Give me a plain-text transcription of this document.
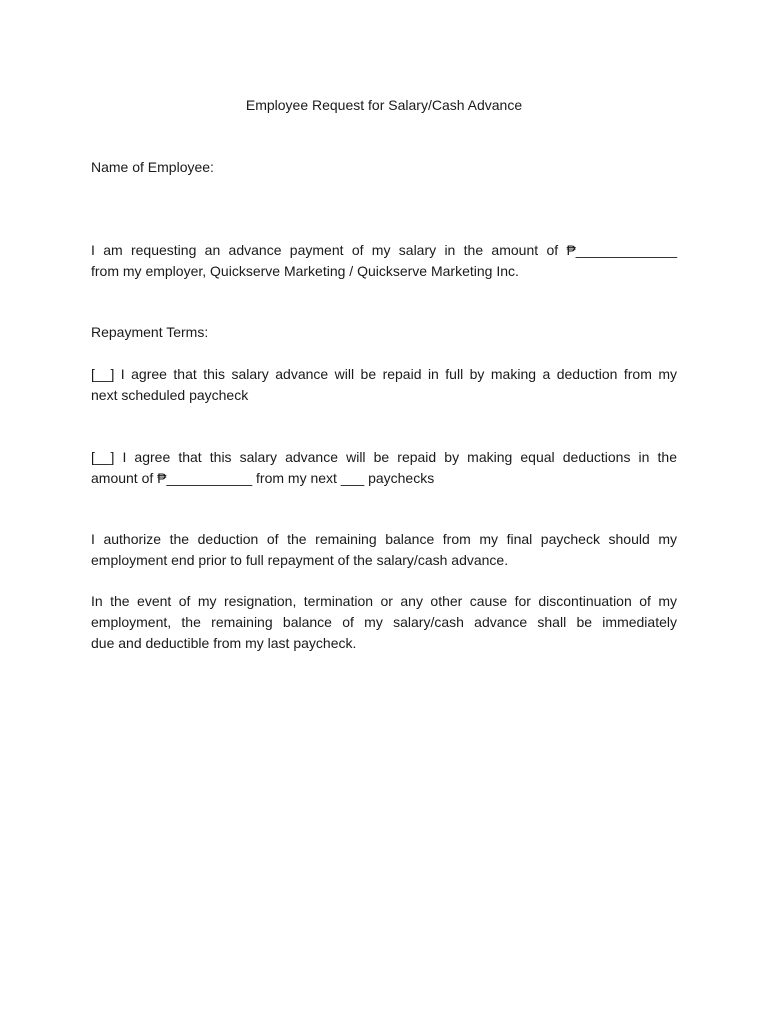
Employee Request for Salary/Cash Advance

Name of Employee:

I am requesting an advance payment of my salary in the amount of ₱_____________
from my employer, Quickserve Marketing / Quickserve Marketing Inc.

Repayment Terms:

[__] I agree that this salary advance will be repaid in full by making a deduction from my
next scheduled paycheck
[__] I agree that this salary advance will be repaid by making equal deductions in the
amount of ₱___________ from my next ___ paychecks
I authorize the deduction of the remaining balance from my final paycheck should my
employment end prior to full repayment of the salary/cash advance.
In the event of my resignation, termination or any other cause for discontinuation of my
employment, the remaining balance of my salary/cash advance shall be immediately
due and deductible from my last paycheck.
